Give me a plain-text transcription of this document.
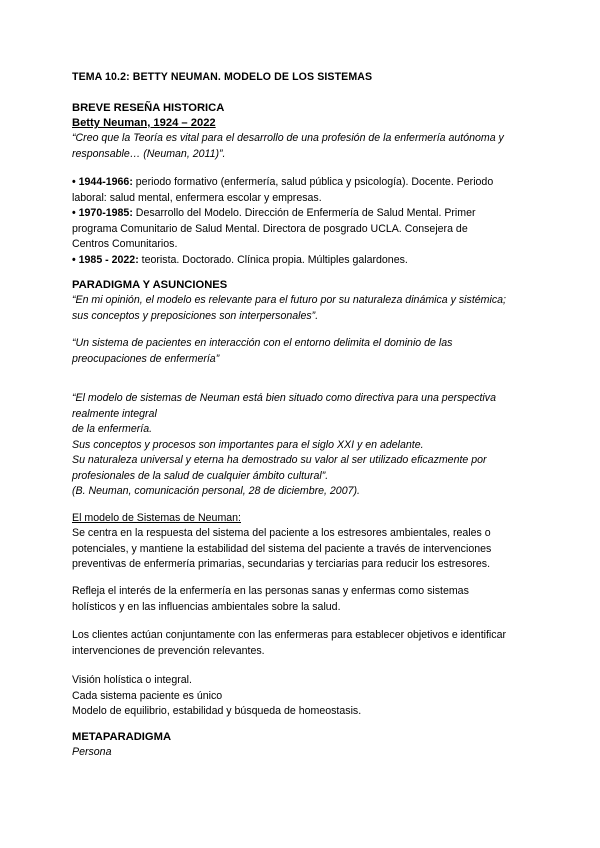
TEMA 10.2: BETTY NEUMAN. MODELO DE LOS SISTEMAS
BREVE RESEÑA HISTORICA
Betty Neuman, 1924 – 2022

“Creo que la Teoría es vital para el desarrollo de una profesión de la enfermería autónoma y

responsable… (Neuman, 2011)”.

• 1944-1966: periodo formativo (enfermería, salud pública y psicología). Docente. Periodo

laboral: salud mental, enfermera escolar y empresas.

• 1970-1985: Desarrollo del Modelo. Dirección de Enfermería de Salud Mental. Primer

programa Comunitario de Salud Mental. Directora de posgrado UCLA. Consejera de

Centros Comunitarios.

• 1985 - 2022: teorista. Doctorado. Clínica propia. Múltiples galardones.

PARADIGMA Y ASUNCIONES

“En mi opinión, el modelo es relevante para el futuro por su naturaleza dinámica y sistémica;

sus conceptos y preposiciones son interpersonales”.

“Un sistema de pacientes en interacción con el entorno delimita el dominio de las

preocupaciones de enfermería”

“El modelo de sistemas de Neuman está bien situado como directiva para una perspectiva

realmente integral

de la enfermería.

Sus conceptos y procesos son importantes para el siglo XXI y en adelante.

Su naturaleza universal y eterna ha demostrado su valor al ser utilizado eficazmente por

profesionales de la salud de cualquier ámbito cultural”.

(B. Neuman, comunicación personal, 28 de diciembre, 2007).

El modelo de Sistemas de Neuman:

Se centra en la respuesta del sistema del paciente a los estresores ambientales, reales o

potenciales, y mantiene la estabilidad del sistema del paciente a través de intervenciones

preventivas de enfermería primarias, secundarias y terciarias para reducir los estresores.

Refleja el interés de la enfermería en las personas sanas y enfermas como sistemas

holísticos y en las influencias ambientales sobre la salud.

Los clientes actúan conjuntamente con las enfermeras para establecer objetivos e identificar

intervenciones de prevención relevantes.

Visión holística o integral.

Cada sistema paciente es único

Modelo de equilibrio, estabilidad y búsqueda de homeostasis.

METAPARADIGMA
Persona
